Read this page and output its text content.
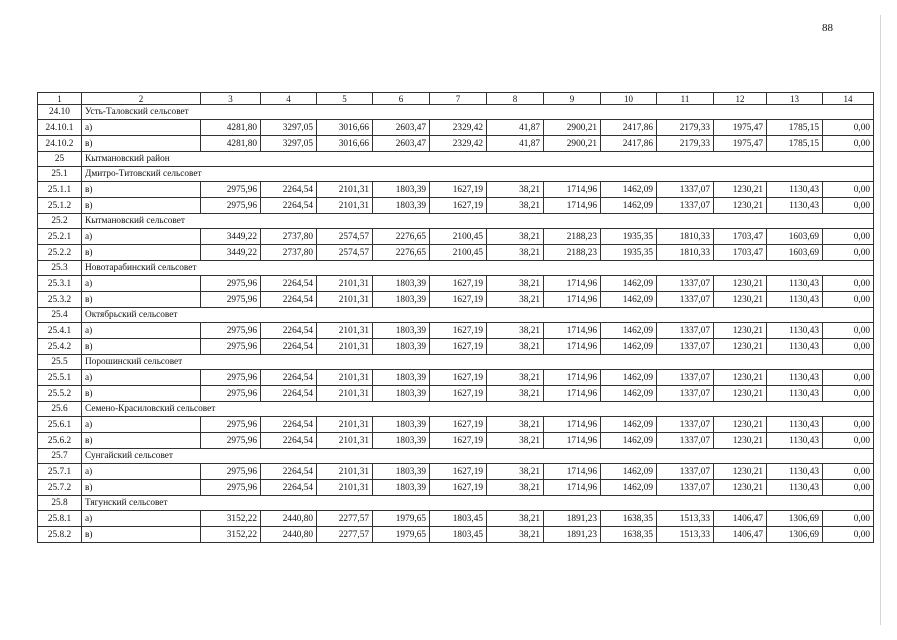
88
1	2	3	4	5	6	7	8	9	10	11	12	13	14
24.10	Усть-Таловский сельсовет												
24.10.1	а)	4281,80	3297,05	3016,66	2603,47	2329,42	41,87	2900,21	2417,86	2179,33	1975,47	1785,15	0,00
24.10.2	в)	4281,80	3297,05	3016,66	2603,47	2329,42	41,87	2900,21	2417,86	2179,33	1975,47	1785,15	0,00
25	Кытмановский район												
25.1	Дмитро-Титовский сельсовет												
25.1.1	в)	2975,96	2264,54	2101,31	1803,39	1627,19	38,21	1714,96	1462,09	1337,07	1230,21	1130,43	0,00
25.1.2	в)	2975,96	2264,54	2101,31	1803,39	1627,19	38,21	1714,96	1462,09	1337,07	1230,21	1130,43	0,00
25.2	Кытмановский сельсовет												
25.2.1	а)	3449,22	2737,80	2574,57	2276,65	2100,45	38,21	2188,23	1935,35	1810,33	1703,47	1603,69	0,00
25.2.2	в)	3449,22	2737,80	2574,57	2276,65	2100,45	38,21	2188,23	1935,35	1810,33	1703,47	1603,69	0,00
25.3	Новотарабинский сельсовет												
25.3.1	а)	2975,96	2264,54	2101,31	1803,39	1627,19	38,21	1714,96	1462,09	1337,07	1230,21	1130,43	0,00
25.3.2	в)	2975,96	2264,54	2101,31	1803,39	1627,19	38,21	1714,96	1462,09	1337,07	1230,21	1130,43	0,00
25.4	Октябрьский сельсовет												
25.4.1	а)	2975,96	2264,54	2101,31	1803,39	1627,19	38,21	1714,96	1462,09	1337,07	1230,21	1130,43	0,00
25.4.2	в)	2975,96	2264,54	2101,31	1803,39	1627,19	38,21	1714,96	1462,09	1337,07	1230,21	1130,43	0,00
25.5	Порошинский сельсовет												
25.5.1	а)	2975,96	2264,54	2101,31	1803,39	1627,19	38,21	1714,96	1462,09	1337,07	1230,21	1130,43	0,00
25.5.2	в)	2975,96	2264,54	2101,31	1803,39	1627,19	38,21	1714,96	1462,09	1337,07	1230,21	1130,43	0,00
25.6	Семено-Красиловский сельсовет												
25.6.1	а)	2975,96	2264,54	2101,31	1803,39	1627,19	38,21	1714,96	1462,09	1337,07	1230,21	1130,43	0,00
25.6.2	в)	2975,96	2264,54	2101,31	1803,39	1627,19	38,21	1714,96	1462,09	1337,07	1230,21	1130,43	0,00
25.7	Сунгайский сельсовет												
25.7.1	а)	2975,96	2264,54	2101,31	1803,39	1627,19	38,21	1714,96	1462,09	1337,07	1230,21	1130,43	0,00
25.7.2	в)	2975,96	2264,54	2101,31	1803,39	1627,19	38,21	1714,96	1462,09	1337,07	1230,21	1130,43	0,00
25.8	Тягунский сельсовет												
25.8.1	а)	3152,22	2440,80	2277,57	1979,65	1803,45	38,21	1891,23	1638,35	1513,33	1406,47	1306,69	0,00
25.8.2	в)	3152,22	2440,80	2277,57	1979,65	1803,45	38,21	1891,23	1638,35	1513,33	1406,47	1306,69	0,00
